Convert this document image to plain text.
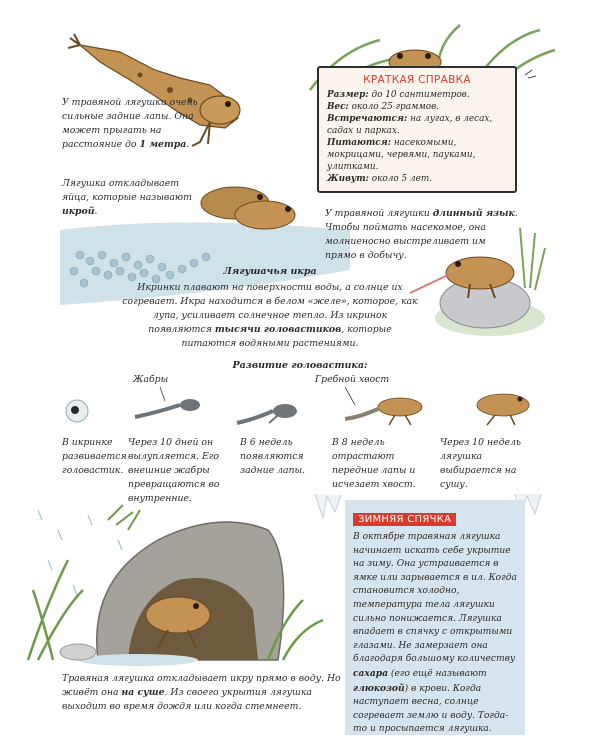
У травяной лягушки очень сильные задние лапы. Она может прыгать на расстояние до 1 метра.
КРАТКАЯ СПРАВКА

Размер: до 10 сантиметров.

Вес: около 25 граммов.

Встречаются: на лугах, в лесах, садах и парках.

Питаются: насекомыми, мокрицами, червями, пауками, улитками.

Живут: около 5 лет.

Лягушка откладывает яйца, которые называют икрой.	У травяной лягушки длинный язык. Чтобы поймать насекомое, она молниеносно выстреливает им прямо в добычу.
Лягушачья икра
Икринки плавают на поверхности воды, а солнце их согревает. Икра находится в белом «желе», которое, как лупа, усиливает солнечное тепло. Из икринок появляются тысячи головастиков, которые питаются водяными растениями.
Развитие головастика:
Жабры	Гребной хвост
В икринке развивается головастик.
Через 10 дней он вылупляется. Его внешние жабры превращаются во внутренние.
В 6 недель появляются задние лапы.
В 8 недель отрастают передние лапы и исчезает хвост.
Через 10 недель лягушка выбирается на сушу.
Травяная лягушка откладывает икру прямо в воду. Но живёт она на суше. Из своего укрытия лягушка выходит во время дождя или когда стемнеет.
ЗИМНЯЯ СПЯЧКА

В октябре травяная лягушка начинает искать себе укрытие на зиму. Она устраивается в ямке или зарывается в ил. Когда становится холодно, температура тела лягушки сильно понижается. Лягушка впадает в спячку с открытыми глазами. Не замерзает она благодаря большому количеству сахара (его ещё называют глюкозой) в крови. Когда наступает весна, солнце согревает землю и воду. Тогда-то и просыпается лягушка.
